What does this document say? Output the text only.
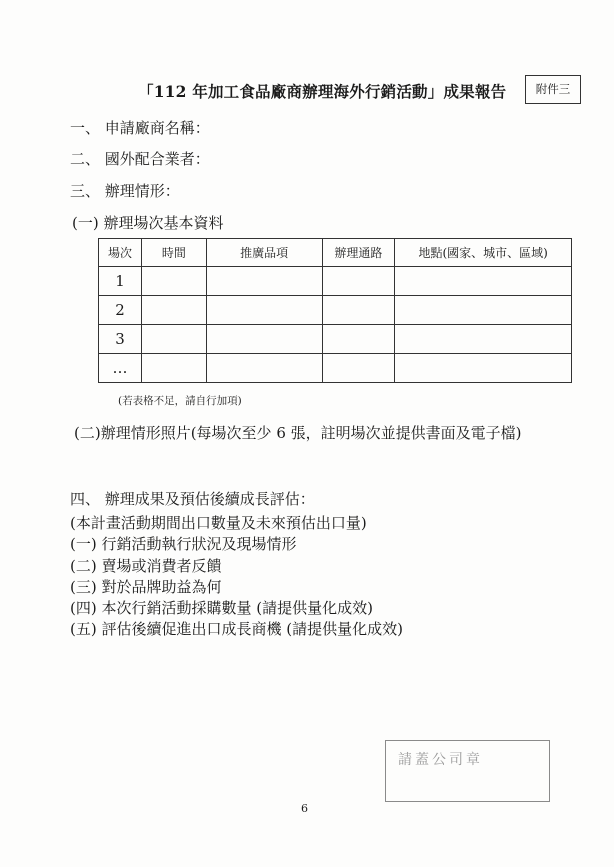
「112 年加工食品廠商辦理海外行銷活動」成果報告	附件三
一、 申請廠商名稱：
二、 國外配合業者：
三、 辦理情形：
(一) 辦理場次基本資料
場次	時間	推廣品項	辦理通路	地點(國家、城市、區域)
1				
2				
3				
…				
(若表格不足，請自行加項)
(二)辦理情形照片(每場次至少 6 張，註明場次並提供書面及電子檔)
四、 辦理成果及預估後續成長評估：
(本計畫活動期間出口數量及未來預估出口量)
(一) 行銷活動執行狀況及現場情形
(二) 賣場或消費者反饋
(三) 對於品牌助益為何
(四) 本次行銷活動採購數量 (請提供量化成效)
(五) 評估後續促進出口成長商機 (請提供量化成效)
請蓋公司章
6
